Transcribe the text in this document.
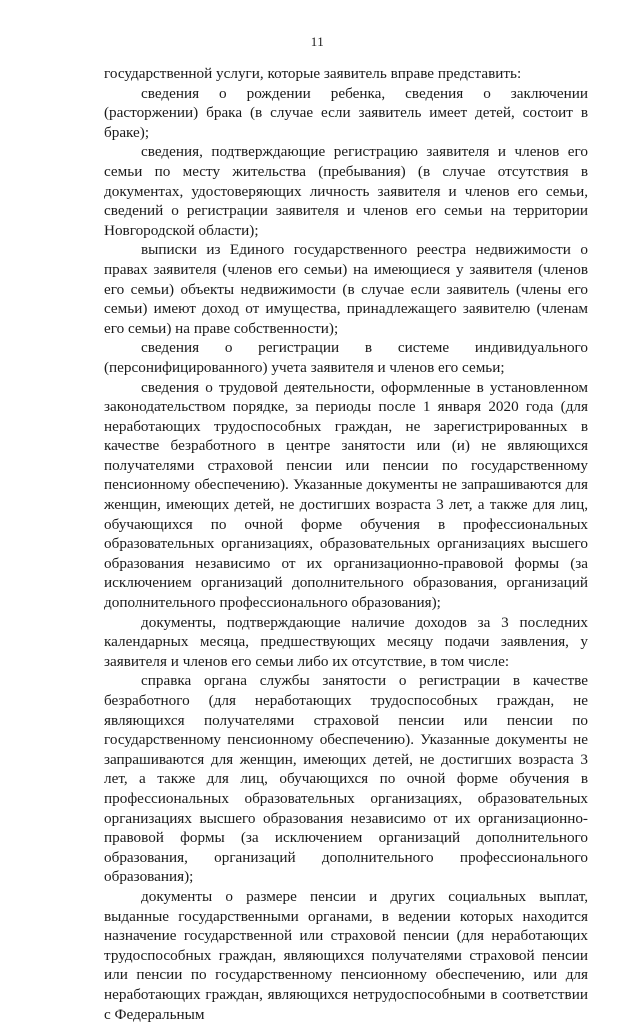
11

государственной услуги, которые заявитель вправе представить:

сведения о рождении ребенка, сведения о заключении (расторжении) брака (в случае если заявитель имеет детей, состоит в браке);

сведения, подтверждающие регистрацию заявителя и членов его семьи по месту жительства (пребывания) (в случае отсутствия в документах, удостоверяющих личность заявителя и членов его семьи, сведений о регистрации заявителя и членов его семьи на территории Новгородской области);

выписки из Единого государственного реестра недвижимости о правах заявителя (членов его семьи) на имеющиеся у заявителя (членов его семьи) объекты недвижимости (в случае если заявитель (члены его семьи) имеют доход от имущества, принадлежащего заявителю (членам его семьи) на праве собственности);

сведения о регистрации в системе индивидуального (персонифицированного) учета заявителя и членов его семьи;

сведения о трудовой деятельности, оформленные в установленном законодательством порядке, за периоды после 1 января 2020 года (для неработающих трудоспособных граждан, не зарегистрированных в качестве безработного в центре занятости или (и) не являющихся получателями страховой пенсии или пенсии по государственному пенсионному обеспечению). Указанные документы не запрашиваются для женщин, имеющих детей, не достигших возраста 3 лет, а также для лиц, обучающихся по очной форме обучения в профессиональных образовательных организациях, образовательных организациях высшего образования независимо от их организационно-правовой формы (за исключением организаций дополнительного образования, организаций дополнительного профессионального образования);

документы, подтверждающие наличие доходов за 3 последних календарных месяца, предшествующих месяцу подачи заявления, у заявителя и членов его семьи либо их отсутствие, в том числе:

справка органа службы занятости о регистрации в качестве безработного (для неработающих трудоспособных граждан, не являющихся получателями страховой пенсии или пенсии по государственному пенсионному обеспечению). Указанные документы не запрашиваются для женщин, имеющих детей, не достигших возраста 3 лет, а также для лиц, обучающихся по очной форме обучения в профессиональных образовательных организациях, образовательных организациях высшего образования независимо от их организационно-правовой формы (за исключением организаций дополнительного образования, организаций дополнительного профессионального образования);

документы о размере пенсии и других социальных выплат, выданные государственными органами, в ведении которых находится назначение государственной или страховой пенсии (для неработающих трудоспособных граждан, являющихся получателями страховой пенсии или пенсии по государственному пенсионному обеспечению, или для неработающих граждан, являющихся нетрудоспособными в соответствии с Федеральным
